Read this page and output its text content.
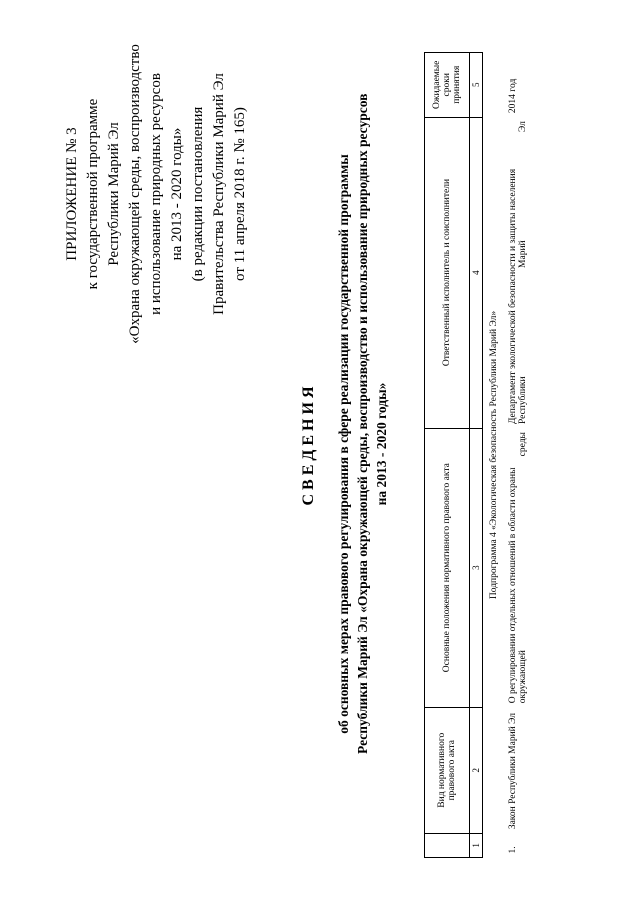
ПРИЛОЖЕНИЕ № 3 к государственной программе Республики Марий Эл «Охрана окружающей среды, воспроизводство и использование природных ресурсов на 2013 - 2020 годы» (в редакции постановления Правительства Республики Марий Эл от 11 апреля 2018 г. № 165)
СВЕДЕНИЯ об основных мерах правового регулирования в сфере реализации государственной программы Республики Марий Эл «Охрана окружающей среды, воспроизводство и использование природных ресурсов на 2013 - 2020 годы»
	Вид нормативного правового акта	Основные положения нормативного правового акта	Ответственный исполнитель и соисполнители	Ожидаемые сроки принятия
1	2	3	4	5
Подпрограмма 4 «Экологическая безопасность Республики Марий Эл»				
1.	Закон Республики Марий Эл	О регулировании отдельных отношений в области охраны окружающей среды	Департамент экологической безопасности и защиты населения Республики Марий Эл	2014 год
